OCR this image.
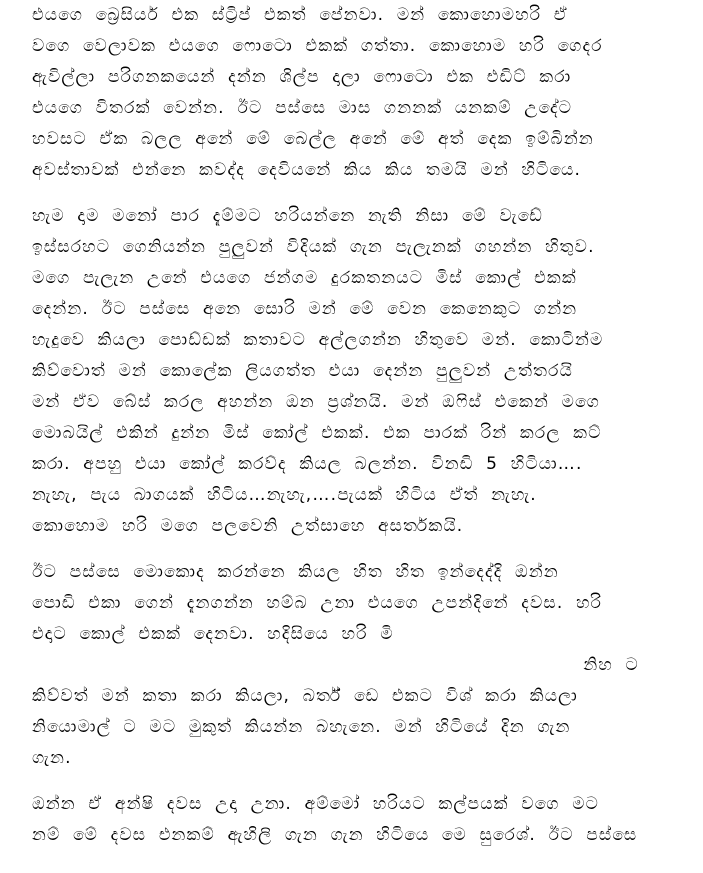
එයගෙ බ්‍රෙසියර් එක ස්ට්‍රිප් එකත් පේනවා. මන් කොහොමහරි ඒ
වගෙ වෙලාවක එයගෙ ෆොටො එකක් ගත්තා. කොහොම හරි ගෙදර
ඇවිල්ලා පරිගනකයෙන් දන්න ශිල්ප දාලා ෆොටො එක එඩිට් කරා
එයගෙ විතරක් වෙන්න. ඊට පස්සෙ මාස ගනනක් යනකම් උදේට
හවසට ඒක බලල අනේ මේ බෙල්ල අනේ මේ අත් දෙක ඉම්බින්න
අවස්තාවක් එන්නෙ කවද්ද දෙවියනේ කිය කිය තමයි මන් හිටියෙ.
හැම දාම මනෝ පාර දැම්මට හරියන්නෙ නැති නිසා මේ වැඩේ
ඉස්සරහට ගෙනියන්න පුලුවන් විදියක් ගැන පැලැනක් ගහන්න හිතුව.
මගෙ පැලැන උනේ එයගෙ ජන්ගම දුරකතනයට මිස් කොල් එකක්
දෙන්න. ඊට පස්සෙ අනෙ සොරි මන් මේ වෙන කෙනෙකුට ගන්න
හැදුවෙ කියලා පොඩ්ඩක් කතාවට අල්ලගන්න හිතුවෙ මන්. කොටින්ම
කිව්වොත් මන් කොලේක ලියගත්ත එයා දෙන්න පුලුවන් උත්තරයි
මන් ඒව බේස් කරල අහන්න ඔන ප්‍රශ්නයි. මන් ඔෆිස් එකෙන් මගෙ
මොබයිල් එකින් දුන්න මිස් කෝල් එකක්. එක පාරක් රින් කරල කට්
කරා. අපහු එයා කෝල් කරව්ද කියල බලන්න. විනඩි 5 හිටියා….
නැහැ, පැය බාගයක් හිටිය…නැහැ,….පැයක් හිටිය ඒත් නැහැ.
කොහොම හරි මගෙ පලවෙනි උත්සාහෙ අසර්තකයි.
ඊට පස්සෙ මොකොද කරන්නෙ කියල හිත හිත ඉන්දෙද්දි ඔන්න
පොඩි එකා ගෙන් දැනගන්න හම්බ උනා එයගෙ උපන්දිනේ දවස. හරි
එදාට කොල් එකක් දෙනවා. හදිසියෙ හරි මි
නිහ ට
කිව්වත් මන් කතා කරා කියලා, බර්ත් ඩෙ එකට විශ් කරා කියලා
නියොමාල් ට මට මුකුත් කියන්න බහැනෙ. මන් හිටියේ දින ගැන
ගැන.
ඔන්න ඒ අන්ෂි දවස උදා උනා. අම්මෝ හරියට කල්පයක් වගෙ මට
නම් මේ දවස එනකම් ඇහිලි ගැන ගැන හිටියෙ මෙ සුරෙශ්. ඊට පස්සෙ
